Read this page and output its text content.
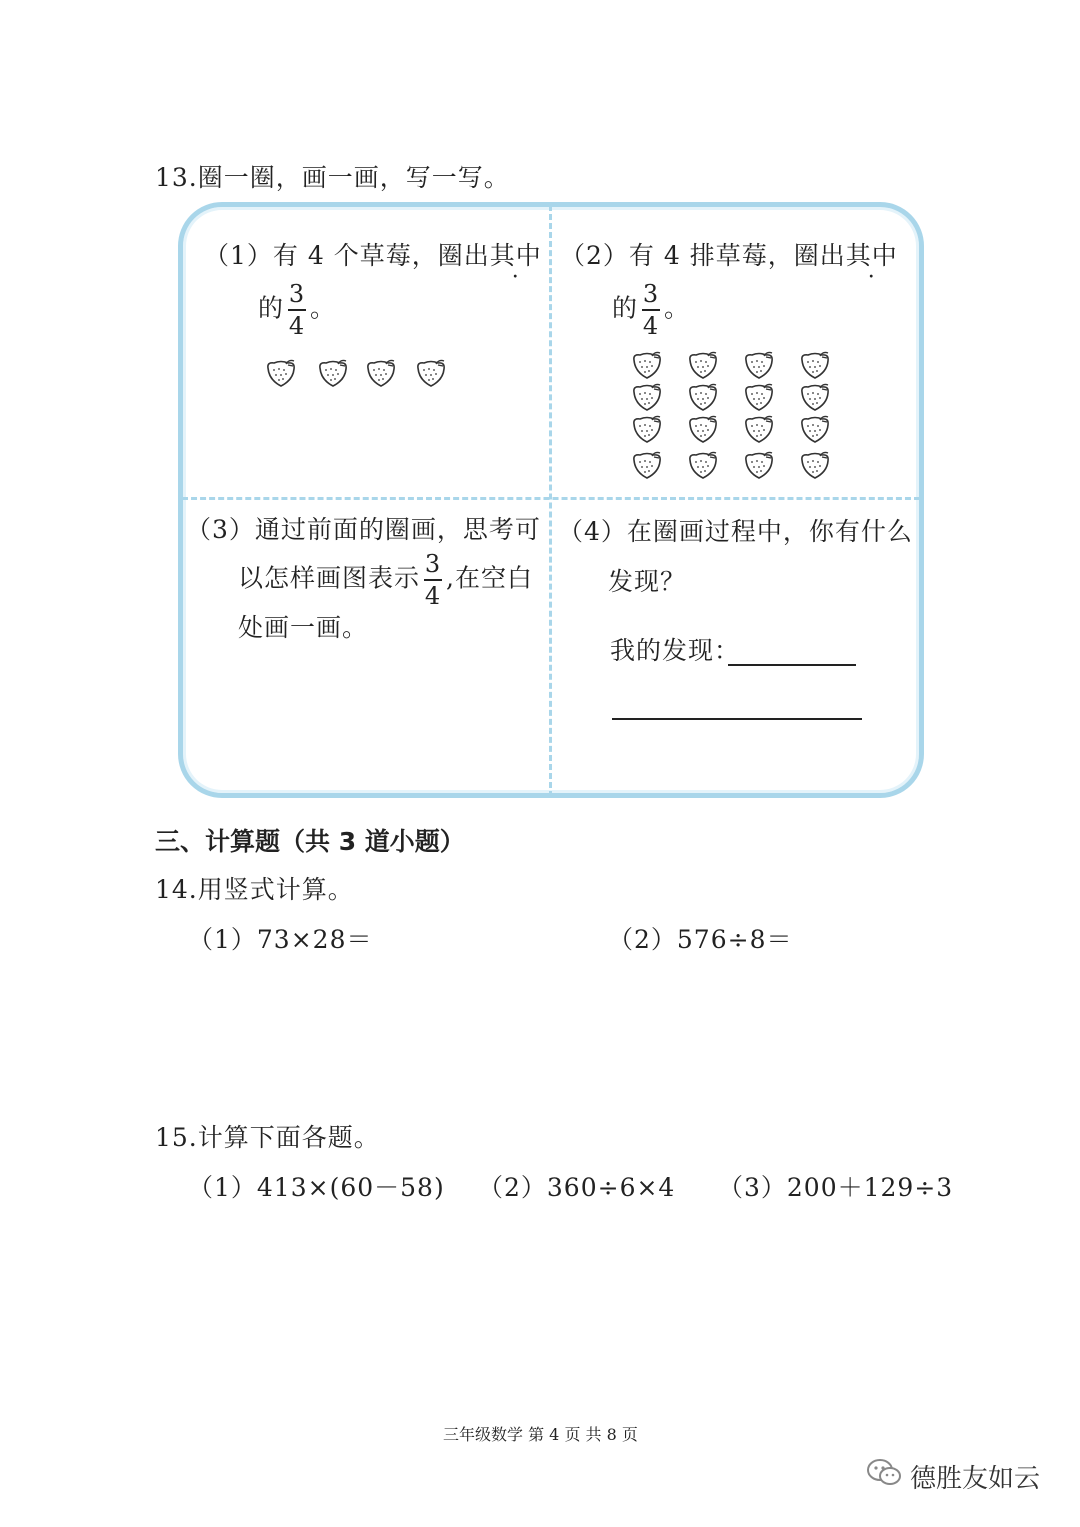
13.圈一圈，画一画，写一写。
（1）有 4 个草莓，圈出其中
的 $\frac{3}{4}$ 。
（2）有 4 排草莓，圈出其中
的 $\frac{3}{4}$ 。
（3）通过前面的圈画，思考可
以怎样画图表示 $\frac{3}{4}$ ,在空白
处画一画。
（4）在圈画过程中，你有什么
发现？
我的发现：
三、计算题（共 3 道小题）
14.用竖式计算。
（1）73×28＝	（2）576÷8＝
15.计算下面各题。
（1）413×(60－58) （2）360÷6×4 （3）200＋129÷3
三年级数学 第 4 页 共 8 页
德胜友如云
